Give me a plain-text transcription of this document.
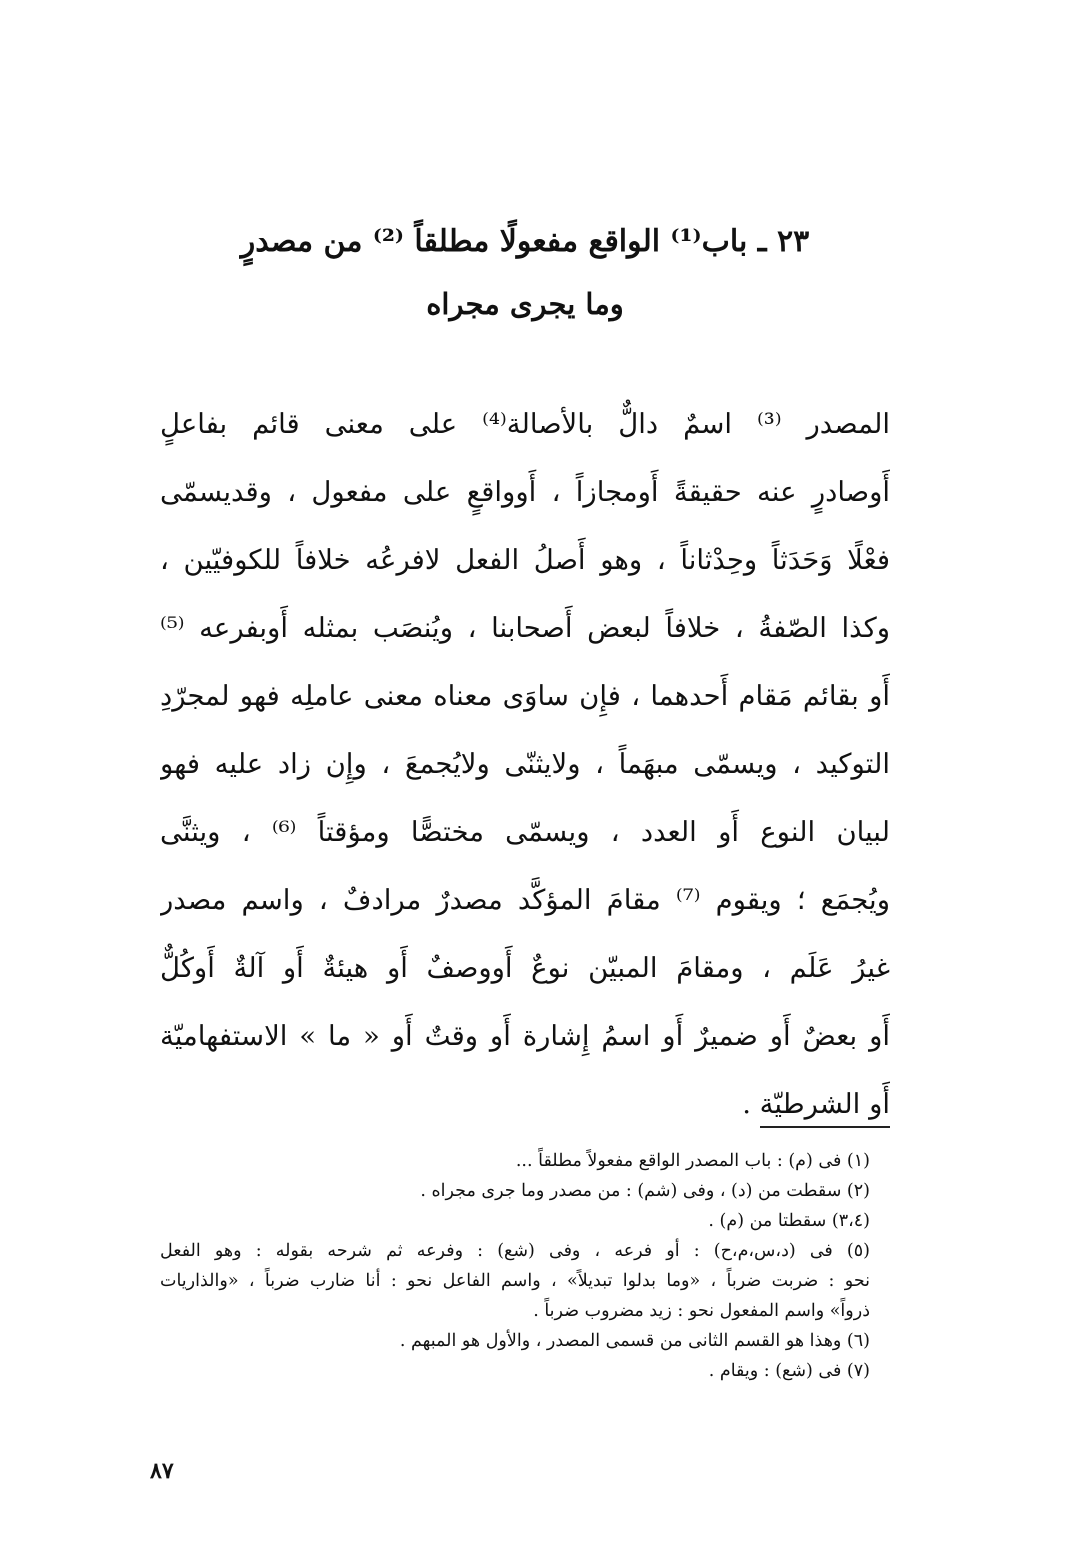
٢٣ ـ باب⁽¹⁾ الواقع مفعولًا مطلقاً ⁽²⁾ من مصدرٍ
وما يجرى مجراه
المصدر ⁽³⁾ اسمٌ دالٌّ بالأصالة⁽⁴⁾ على معنى قائم بفاعلٍ
أَوصادرٍ عنه حقيقةً أَومجازاً ، أَوواقعٍ على مفعول ، وقديسمّى
فعْلًا وَحَدَثاً وحِدْثاناً ، وهو أَصلُ الفعل لافرعُه خلافاً للكوفيّين ،
وكذا الصّفةُ ، خلافاً لبعض أَصحابنا ، ويُنصَب بمثله أَوبفرعه ⁽⁵⁾
أَو بقائم مَقام أَحدهما ، فإِن ساوَى معناه معنى عاملِه فهو لمجرّدِ
التوكيد ، ويسمّى مبهَماً ، ولايثنّى ولايُجمعَ ، وإِن زاد عليه فهو
لبيان النوع أَو العدد ، ويسمّى مختصًّا ومؤقتاً ⁽⁶⁾ ، ويثنَّى
ويُجمَع ؛ ويقوم ⁽⁷⁾ مقامَ المؤكَّد مصدرٌ مرادفٌ ، واسم مصدر
غيرُ عَلَم ، ومقامَ المبيّن نوعٌ أَووصفٌ أَو هيئةٌ أَو آلةٌ أَوكُلٌّ
أَو بعضٌ أَو ضميرٌ أَو اسمُ إِشارة أَو وقتٌ أَو « ما » الاستفهاميّة
أَو الشرطيّة .
(١) فى (م) : باب المصدر الواقع مفعولاً مطلقاً ...
(٢) سقطت من (د) ، وفى (شم) : من مصدر وما جرى مجراه .
(٣،٤) سقطتا من (م) .
(٥) فى (د،س،م،ح) : أو فرعه ، وفى (شع) : وفرعه ثم شرحه بقوله : وهو الفعل
نحو : ضربت ضرباً ، «وما بدلوا تبديلاً» ، واسم الفاعل نحو : أنا ضارب ضرباً ، «والذاريات
ذرواً» واسم المفعول نحو : زيد مضروب ضرباً .
(٦) وهذا هو القسم الثانى من قسمى المصدر ، والأول هو المبهم .
(٧) فى (شع) : ويقام .
٨٧
